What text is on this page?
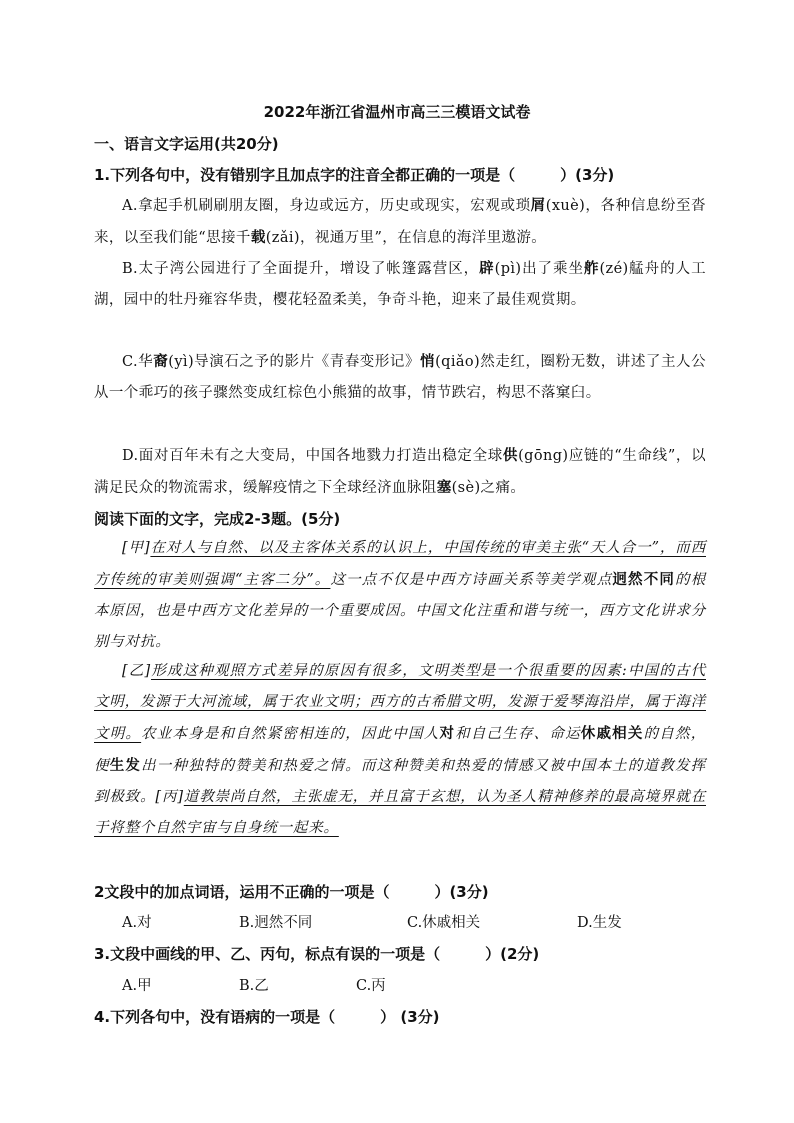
2022年浙江省温州市高三三模语文试卷
一、语言文字运用(共20分)
1.下列各句中，没有错别字且加点字的注音全都正确的一项是（　　　）(3分)
A.拿起手机刷刷朋友圈，身边或远方，历史或现实，宏观或琐屑(xuè)，各种信息纷至沓来，以至我们能“思接千载(zǎi)，视通万里”，在信息的海洋里遨游。
B.太子湾公园进行了全面提升，增设了帐篷露营区，辟(pì)出了乘坐舴(zé)艋舟的人工湖，园中的牡丹雍容华贵，樱花轻盈柔美，争奇斗艳，迎来了最佳观赏期。
C.华裔(yì)导演石之予的影片《青春变形记》悄(qiǎo)然走红，圈粉无数，讲述了主人公从一个乖巧的孩子骤然变成红棕色小熊猫的故事，情节跌宕，构思不落窠臼。
D.面对百年未有之大变局，中国各地戮力打造出稳定全球供(gōng)应链的“生命线”，以满足民众的物流需求，缓解疫情之下全球经济血脉阻塞(sè)之痛。
阅读下面的文字，完成2-3题。(5分)
[甲]在对人与自然、以及主客体关系的认识上，中国传统的审美主张“天人合一”，而西方传统的审美则强调“主客二分”。这一点不仅是中西方诗画关系等美学观点迥然不同的根本原因，也是中西方文化差异的一个重要成因。中国文化注重和谐与统一，西方文化讲求分别与对抗。
[乙]形成这种观照方式差异的原因有很多，文明类型是一个很重要的因素:中国的古代文明，发源于大河流域，属于农业文明；西方的古希腊文明，发源于爱琴海沿岸，属于海洋文明。农业本身是和自然紧密相连的，因此中国人对和自己生存、命运休戚相关的自然，便生发出一种独特的赞美和热爱之情。而这种赞美和热爱的情感又被中国本土的道教发挥到极致。[丙]道教崇尚自然，主张虚无，并且富于玄想，认为圣人精神修养的最高境界就在于将整个自然宇宙与自身统一起来。
2文段中的加点词语，运用不正确的一项是（　　　）(3分)
A.对	B.迥然不同	C.休戚相关	D.生发
3.文段中画线的甲、乙、丙句，标点有误的一项是（　　　）(2分)
A.甲	B.乙	C.丙
4.下列各句中，没有语病的一项是（　　　） (3分)
